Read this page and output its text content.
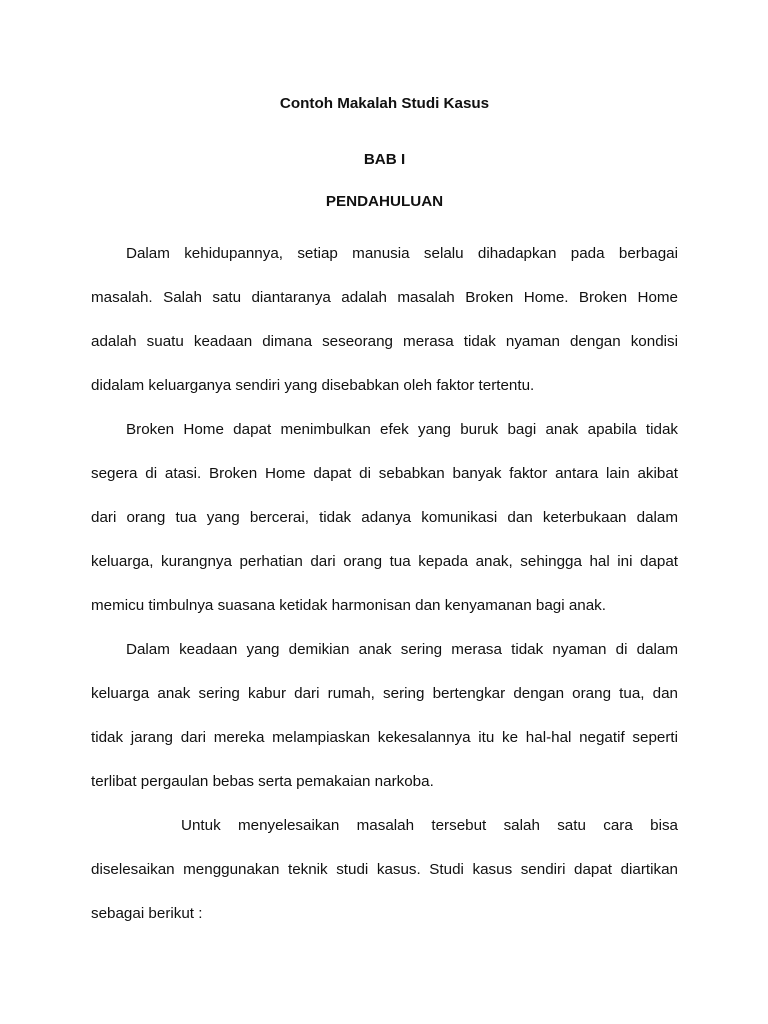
Contoh Makalah Studi Kasus

BAB I

PENDAHULUAN

Dalam kehidupannya, setiap manusia selalu dihadapkan pada berbagai
masalah. Salah satu diantaranya adalah masalah Broken Home. Broken Home
adalah suatu keadaan dimana seseorang merasa tidak nyaman dengan kondisi
didalam keluarganya sendiri yang disebabkan oleh faktor tertentu.

Broken Home dapat menimbulkan efek yang buruk bagi anak apabila tidak
segera di atasi. Broken Home dapat di sebabkan banyak faktor antara lain akibat
dari orang tua yang bercerai, tidak adanya komunikasi dan keterbukaan dalam
keluarga, kurangnya perhatian dari orang tua kepada anak, sehingga hal ini dapat
memicu timbulnya suasana ketidak harmonisan dan kenyamanan bagi anak.

Dalam keadaan yang demikian anak sering merasa tidak nyaman di dalam
keluarga anak sering kabur dari rumah, sering bertengkar dengan orang tua, dan
tidak jarang dari mereka melampiaskan kekesalannya itu ke hal-hal negatif seperti
terlibat pergaulan bebas serta pemakaian narkoba.

Untuk menyelesaikan masalah tersebut salah satu cara bisa
diselesaikan menggunakan teknik studi kasus. Studi kasus sendiri dapat diartikan
sebagai berikut :
